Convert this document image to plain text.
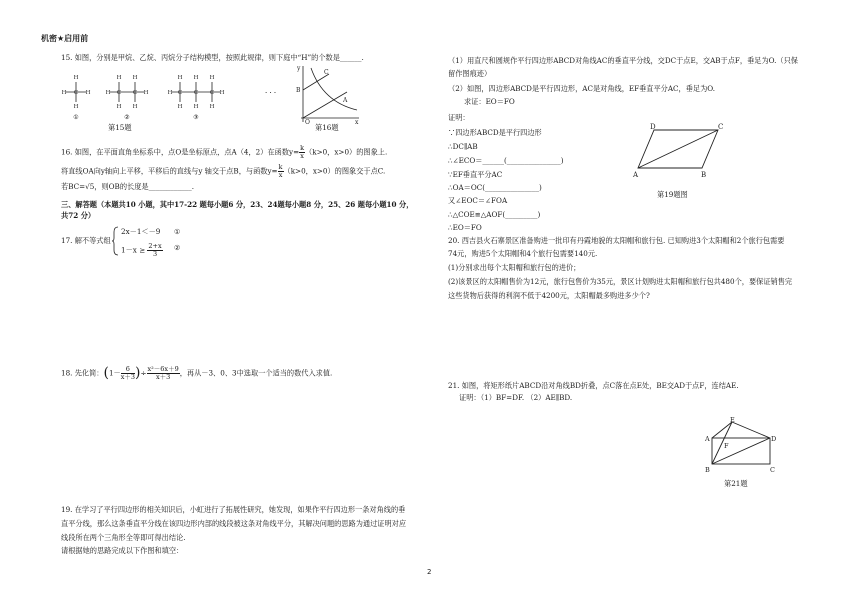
机密★启用前
15. 如图，分别是甲烷、乙烷、丙烷分子结构模型，按照此规律，则下庭中“H”的个数是______.
H
H C H
H
H H
H C C H
H H
H H H
H C C C H
H H H
①	②	③
· · ·
第15题
B
C
A
O	x
y
第16题
16. 如图，在平面直角坐标系中，点O是坐标原点，点A（4，2）在函数$y= \frac{k}{x} (k>0$，x>0）的图象上.
将直线OA向y轴向上平移，平移后的直线与y 轴交于点B，与函数$y= \frac{k}{x} (k>0$，x>0）的图象交于点C.
若BC=√5，则OB的长度是____________.
三、解答题（本题共10 小题，其中17-22 题每小题6 分，23、24题每小题8 分，25、26 题每小题10 分，
共72 分）
17. 解不等式组
2x－1＜－9
$1-x \ge \frac{2+x}{3}$
①
②
18. 先化简：($1- \frac{6}{x+3}$ )÷ $\frac{\text{x²－6x＋9}}{x+3}$ ，再从－3、0、3中选取一个适当的数代入求值.
19. 在学习了平行四边形的相关知识后，小虹进行了拓展性研究，她发现，如果作平行四边形一条对角线的垂
直平分线，那么这条垂直平分线在该四边形内部的线段被这条对角线平分，其解决问题的思路为通过证明对应
线段所在两个三角形全等即可得出结论.
请根据她的思路完成以下作图和填空：
（1）用直尺和圆规作平行四边形ABCD对角线AC的垂直平分线，交DC于点E，交AB于点F，垂足为O.（只保
留作图痕迹）
（2）如图，四边形ABCD是平行四边形，AC是对角线，EF垂直平分AC，垂足为O.
求证：EO＝FO
证明：
∵四边形ABCD是平行四边形
∴DC∥AB
∴∠ECO＝______(_______________)
∵EF垂直平分AC
∴OA＝OC(_______________)
又∠EOC＝∠FOA
∴△COE≌△AOF(_________)
∴EO＝FO
A	B
C
D
第19题图
20. 西吉县火石寨景区准备购进一批印有丹霞地貌的太阳帽和旅行包. 已知购进3个太阳帽和2个旅行包需要
74元，购进5个太阳帽和4个旅行包需要140元.
(1)分别求出每个太阳帽和旅行包的进价；
(2)该景区的太阳帽售价为12元，旅行包售价为35元，景区计划购进太阳帽和旅行包共480个，要保证销售完
这些货物后获得的利润不低于4200元，太阳帽最多购进多少个?
21. 如图，将矩形纸片ABCD沿对角线BD折叠，点C落在点E处，BE交AD于点F，连结AE.
证明：（1）BF=DF. （2）AE∥BD.
A
B	C
D
E
F
第21题
2
